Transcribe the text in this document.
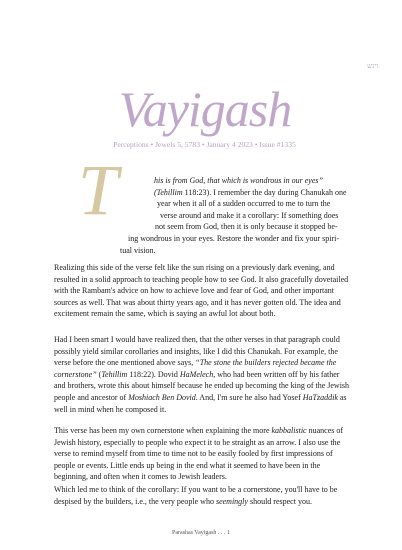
ויגש
Vayigash
Perceptions • Jewels 5, 5783 • January 4 2023 • Issue #1335
T	his is from God, that which is wondrous in our eyes”
(Tehillim 118:23). I remember the day during Chanukah one
year when it all of a sudden occurred to me to turn the
verse around and make it a corollary: If something does
not seem from God, then it is only because it stopped be-
ing wondrous in your eyes. Restore the wonder and fix your spiri-
tual vision.

Realizing this side of the verse felt like the sun rising on a previously dark evening, and resulted in a solid approach to teaching people how to see God. It also gracefully dovetailed with the Rambam's advice on how to achieve love and fear of God, and other important sources as well. That was about thirty years ago, and it has never gotten old. The idea and excitement remain the same, which is saying an awful lot about both.

Had I been smart I would have realized then, that the other verses in that paragraph could possibly yield similar corollaries and insights, like I did this Chanukah. For example, the verse before the one mentioned above says, “The stone the builders rejected became the cornerstone” (Tehillim 118:22). Dovid HaMelech, who had been written off by his father and brothers, wrote this about himself because he ended up becoming the king of the Jewish people and ancestor of Moshiach Ben Dovid. And, I'm sure he also had Yosef HaTzaddik as well in mind when he composed it.

This verse has been my own cornerstone when explaining the more kabbalistic nuances of Jewish history, especially to people who expect it to be straight as an arrow. I also use the verse to remind myself from time to time not to be easily fooled by first impressions of people or events. Little ends up being in the end what it seemed to have been in the beginning, and often when it comes to Jewish leaders.

Which led me to think of the corollary: If you want to be a cornerstone, you'll have to be despised by the builders, i.e., the very people who seemingly should respect you.

Parashas Vayigash . . . 1
